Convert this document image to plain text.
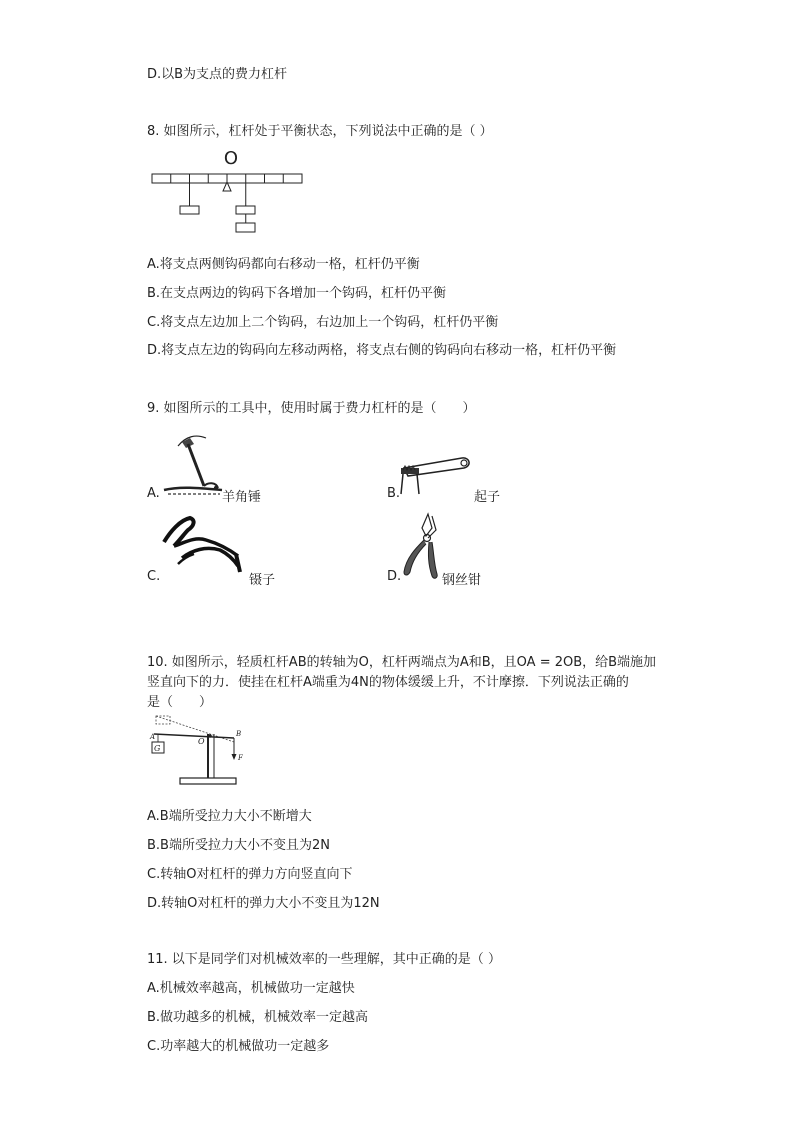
D.以B为支点的费力杠杆
8. 如图所示，杠杆处于平衡状态，下列说法中正确的是（ ）
O
A.将支点两侧钩码都向右移动一格，杠杆仍平衡
B.在支点两边的钩码下各增加一个钩码，杠杆仍平衡
C.将支点左边加上二个钩码，右边加上一个钩码，杠杆仍平衡
D.将支点左边的钩码向左移动两格，将支点右侧的钩码向右移动一格，杠杆仍平衡
9. 如图所示的工具中，使用时属于费力杠杆的是（　　）
A.	羊角锤	B.	起子
C.	镊子	D.	钢丝钳
10. 如图所示，轻质杠杆AB的转轴为O，杠杆两端点为A和B，且OA = 2OB，给B端施加
竖直向下的力．使挂在杠杆A端重为4N的物体缓缓上升，不计摩擦．下列说法正确的
是（　　）
A	O
B
G
F
A.B端所受拉力大小不断增大
B.B端所受拉力大小不变且为2N
C.转轴O对杠杆的弹力方向竖直向下
D.转轴O对杠杆的弹力大小不变且为12N
11. 以下是同学们对机械效率的一些理解，其中正确的是（ ）
A.机械效率越高，机械做功一定越快
B.做功越多的机械，机械效率一定越高
C.功率越大的机械做功一定越多
